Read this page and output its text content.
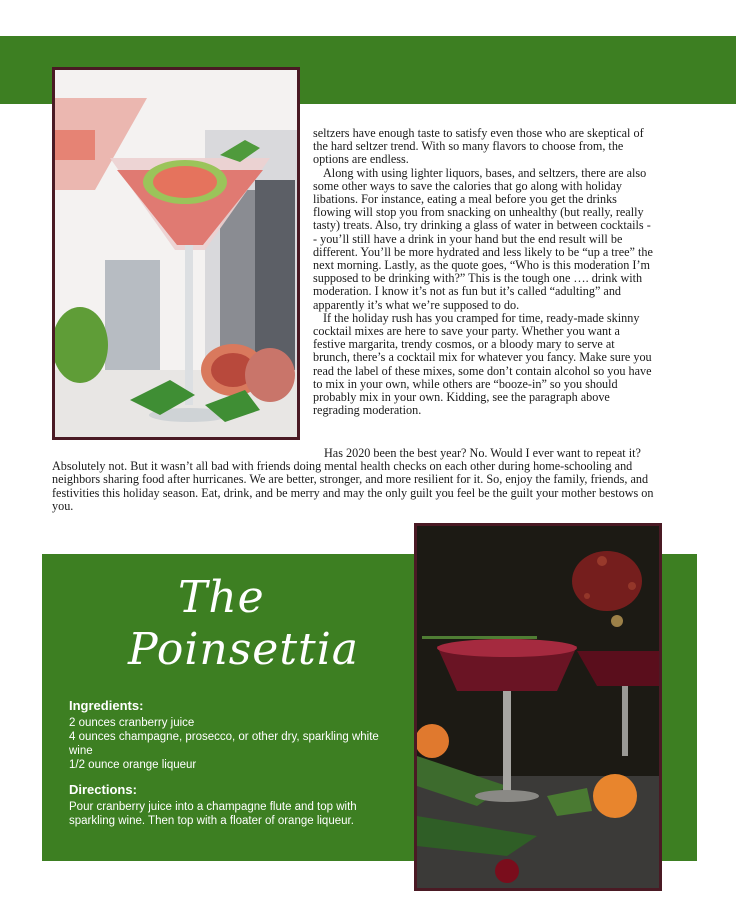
seltzers have enough taste to satisfy even those who are skeptical of the hard seltzer trend. With so many flavors to choose from, the options are endless.

Along with using lighter liquors, bases, and seltzers, there are also some other ways to save the calories that go along with holiday libations. For instance, eating a meal before you get the drinks flowing will stop you from snacking on unhealthy (but really, really tasty) treats. Also, try drinking a glass of water in between cocktails -- you’ll still have a drink in your hand but the end result will be different. You’ll be more hydrated and less likely to be “up a tree” the next morning. Lastly, as the quote goes, “Who is this moderation I’m supposed to be drinking with?” This is the tough one …. drink with moderation. I know it’s not as fun but it’s called “adulting” and apparently it’s what we’re supposed to do.

If the holiday rush has you cramped for time, ready-made skinny cocktail mixes are here to save your party. Whether you want a festive margarita, trendy cosmos, or a bloody mary to serve at brunch, there’s a cocktail mix for whatever you fancy. Make sure you read the label of these mixes, some don’t contain alcohol so you have to mix in your own, while others are “booze-in” so you should probably mix in your own. Kidding, see the paragraph above regrading moderation.

Has 2020 been the best year? No. Would I ever want to repeat it?
Absolutely not. But it wasn’t all bad with friends doing mental health checks on each other during home-schooling and neighbors sharing food after hurricanes. We are better, stronger, and more resilient for it. So, enjoy the family, friends, and festivities this holiday season. Eat, drink, and be merry and may the only guilt you feel be the guilt your mother bestows on you.

The
Poinsettia
Ingredients:
2 ounces cranberry juice
4 ounces champagne, prosecco, or other dry, sparkling white wine
1/2 ounce orange liqueur
Directions:
Pour cranberry juice into a champagne flute and top with sparkling wine. Then top with a floater of orange liqueur.
